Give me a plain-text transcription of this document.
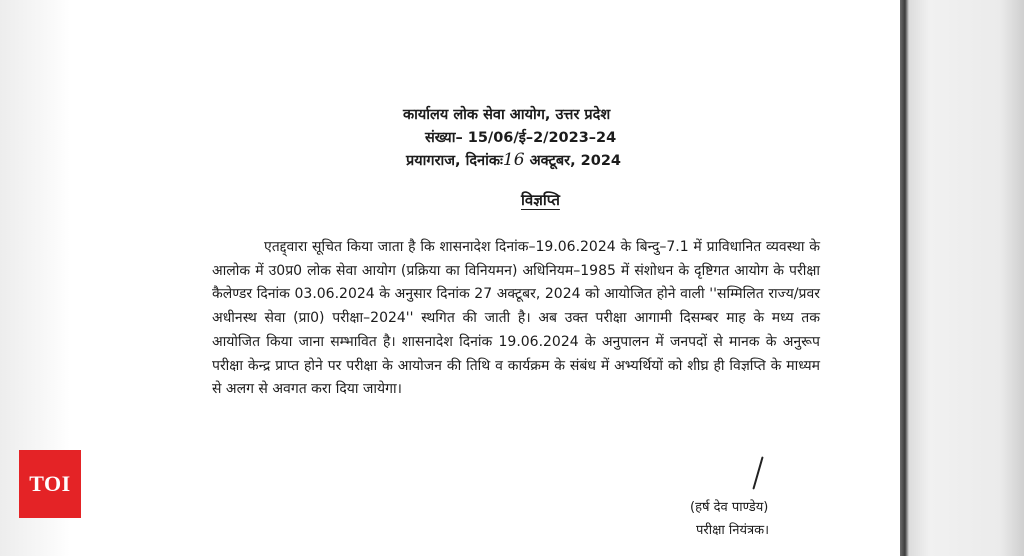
कार्यालय लोक सेवा आयोग, उत्तर प्रदेश
संख्या– 15/06/ई–2/2023–24
प्रयागराज, दिनांकः16 अक्टूबर, 2024
विज्ञप्ति

एतद्द्वारा सूचित किया जाता है कि शासनादेश दिनांक–19.06.2024 के बिन्दु–7.1 में प्राविधानित व्यवस्था के आलोक में उ0प्र0 लोक सेवा आयोग (प्रक्रिया का विनियमन) अधिनियम–1985 में संशोधन के दृष्टिगत आयोग के परीक्षा कैलेण्डर दिनांक 03.06.2024 के अनुसार दिनांक 27 अक्टूबर, 2024 को आयोजित होने वाली ''सम्मिलित राज्य/प्रवर अधीनस्थ सेवा (प्रा0) परीक्षा–2024'' स्थगित की जाती है। अब उक्त परीक्षा आगामी दिसम्बर माह के मध्य तक आयोजित किया जाना सम्भावित है। शासनादेश दिनांक 19.06.2024 के अनुपालन में जनपदों से मानक के अनुरूप परीक्षा केन्द्र प्राप्त होने पर परीक्षा के आयोजन की तिथि व कार्यक्रम के संबंध में अभ्यर्थियों को शीघ्र ही विज्ञप्ति के माध्यम से अलग से अवगत करा दिया जायेगा।

(हर्ष देव पाण्डेय)
परीक्षा नियंत्रक।
TOI
